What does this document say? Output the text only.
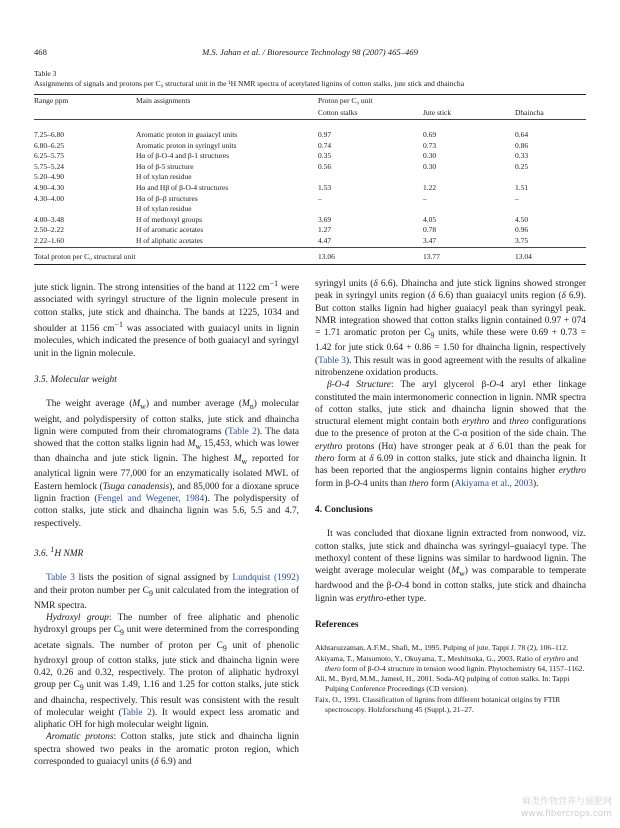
468	M.S. Jahan et al. / Bioresource Technology 98 (2007) 465–469
Table 3
Assignments of signals and protons per C₉ structural unit in the ¹H NMR spectra of acetylated lignins of cotton stalks, jute stick and dhaincha
Range ppm	Main assignments	Proton per C₉ unit		
		Cotton stalks	Jute stick	Dhaincha
7.25–6.80	Aromatic proton in guaiacyl units	0.97	0.69	0.64
6.80–6.25	Aromatic proton in syringyl units	0.74	0.73	0.86
6.25–5.75	Hα of β-O-4 and β-1 structures	0.35	0.30	0.33
5.75–5.24	Hα of β-5 structure	0.56	0.30	0.25
5.20–4.90	H of xylan residue			
4.90–4.30	Hα and Hβ of β-O-4 structures	1.53	1.22	1.51
4.30–4.00	Hα of β–β structures	–	–	–
	H of xylan residue			
4.00–3.48	H of methoxyl groups	3.69	4.05	4.50
2.50–2.22	H of aromatic acetates	1.27	0.78	0.96
2.22–1.60	H of aliphatic acetates	4.47	3.47	3.75
Total proton per C₉ structural unit		13.06	13.77	13.04

jute stick lignin. The strong intensities of the band at 1122 $cm^{-1}$ were associated with syringyl structure of the lignin molecule present in cotton stalks, jute stick and dhaincha. The bands at 1225, 1034 and shoulder at 1156 $cm^{-1}$ was associated with guaiacyl units in lignin molecules, which indicated the presence of both guaiacyl and syringyl unit in the lignin molecule.

3.5. Molecular weight

The weight average $(M_w)$ and number average $(M_n)$ molecular weight, and polydispersity of cotton stalks, jute stick and dhaincha lignin were computed from their chromatograms (Table 2). The data showed that the cotton stalks lignin had $M_w$ 15,453, which was lower than dhaincha and jute stick lignin. The highest $M_w$ reported for analytical lignin were 77,000 for an enzymatically isolated MWL of Eastern hemlock (Tsuga canadensis), and 85,000 for a dioxane spruce lignin fraction (Fengel and Wegener, 1984). The polydispersity of cotton stalks, jute stick and dhaincha lignin was 5.6, 5.5 and 4.7, respectively.

3.6. $^1$H NMR

Table 3 lists the position of signal assigned by Lundquist (1992) and their proton number per $C_9$ unit calculated from the integration of NMR spectra.

Hydroxyl group: The number of free aliphatic and phenolic hydroxyl groups per $C_9$ unit were determined from the corresponding acetate signals. The number of proton per $C_9$ unit of phenolic hydroxyl group of cotton stalks, jute stick and dhaincha lignin were 0.42, 0.26 and 0.32, respectively. The proton of aliphatic hydroxyl group per $C_9$ unit was 1.49, 1.16 and 1.25 for cotton stalks, jute stick and dhaincha, respectively. This result was consistent with the result of molecular weight (Table 2). It would expect less aromatic and aliphatic OH for high molecular weight lignin.

Aromatic protons: Cotton stalks, jute stick and dhaincha lignin spectra showed two peaks in the aromatic proton region, which corresponded to guaiacyl units (δ 6.9) and

syringyl units (δ 6.6). Dhaincha and jute stick lignins showed stronger peak in syringyl units region (δ 6.6) than guaiacyl units region (δ 6.9). But cotton stalks lignin had higher guaiacyl peak than syringyl peak. NMR integration showed that cotton stalks lignin contained 0.97 + 074 = 1.71 aromatic proton per $C_9$ units, while these were 0.69 + 0.73 = 1.42 for jute stick 0.64 + 0.86 = 1.50 for dhaincha lignin, respectively (Table 3). This result was in good agreement with the results of alkaline nitrobenzene oxidation products.

β-O-4 Structure: The aryl glycerol β-O-4 aryl ether linkage constituted the main intermonomeric connection in lignin. NMR spectra of cotton stalks, jute stick and dhaincha lignin showed that the structural element might contain both erythro and threo configurations due to the presence of proton at the C-α position of the side chain. The erythro protons (Hα) have stronger peak at δ 6.01 than the peak for thero form at δ 6.09 in cotton stalks, jute stick and dhaincha lignin. It has been reported that the angiosperms lignin contains higher erythro form in β-O-4 units than thero form (Akiyama et al., 2003).

4. Conclusions

It was concluded that dioxane lignin extracted from nonwood, viz. cotton stalks, jute stick and dhaincha was syringyl–guaiacyl type. The methoxyl content of these lignins was similar to hardwood lignin. The weight average molecular weight $(M_w)$ was comparable to temperate hardwood and the β-O-4 bond in cotton stalks, jute stick and dhaincha lignin was erythro-ether type.

References
Akhtaruzzaman, A.F.M., Shafi, M., 1995. Pulping of jute. Tappi J. 78 (2), 106–112.
Akiyama, T., Matsumoto, Y., Okuyama, T., Meshitsuka, G., 2003. Ratio of erythro and thero form of β-O-4 structure in tension wood lignin. Phytochemistry 64, 1157–1162.
Ali, M., Byrd, M.M., Jameel, H., 2001. Soda-AQ pulping of cotton stalks. In: Tappi Pulping Conference Proceedings (CD version).
Faix, O., 1991. Classification of lignins from different botanical origins by FTIR spectroscopy. Holzforschung 45 (Suppl.), 21–27.
麻类作物营养与施肥网
www.fibercrops.com
